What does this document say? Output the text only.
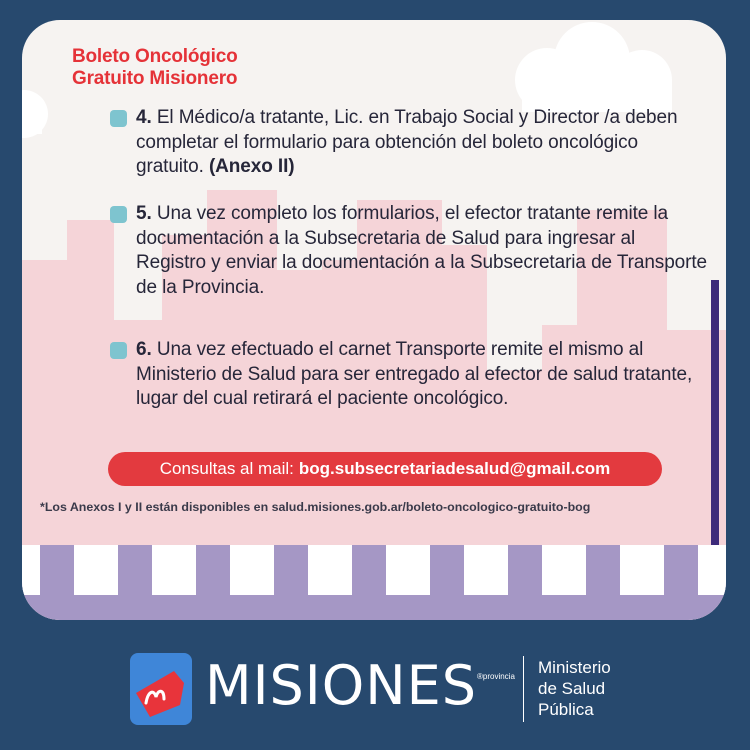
Boleto Oncológico
Gratuito Misionero
4. El Médico/a tratante, Lic. en Trabajo Social y Director /a deben completar el formulario para obtención del boleto oncológico gratuito. (Anexo II)
5. Una vez completo los formularios, el efector tratante remite la documentación a la Subsecretaria de Salud para ingresar al Registro y enviar la documentación a la Subsecretaria de Transporte de la Provincia.
6. Una vez efectuado el carnet Transporte remite el mismo al Ministerio de Salud para ser entregado al efector de salud tratante, lugar del cual retirará el paciente oncológico.
Consultas al mail: bog.subsecretariadesalud@gmail.com
*Los Anexos I y II están disponibles en salud.misiones.gob.ar/boleto-oncologico-gratuito-bog
MISIONES ®provincia Ministerio
de Salud
Pública
